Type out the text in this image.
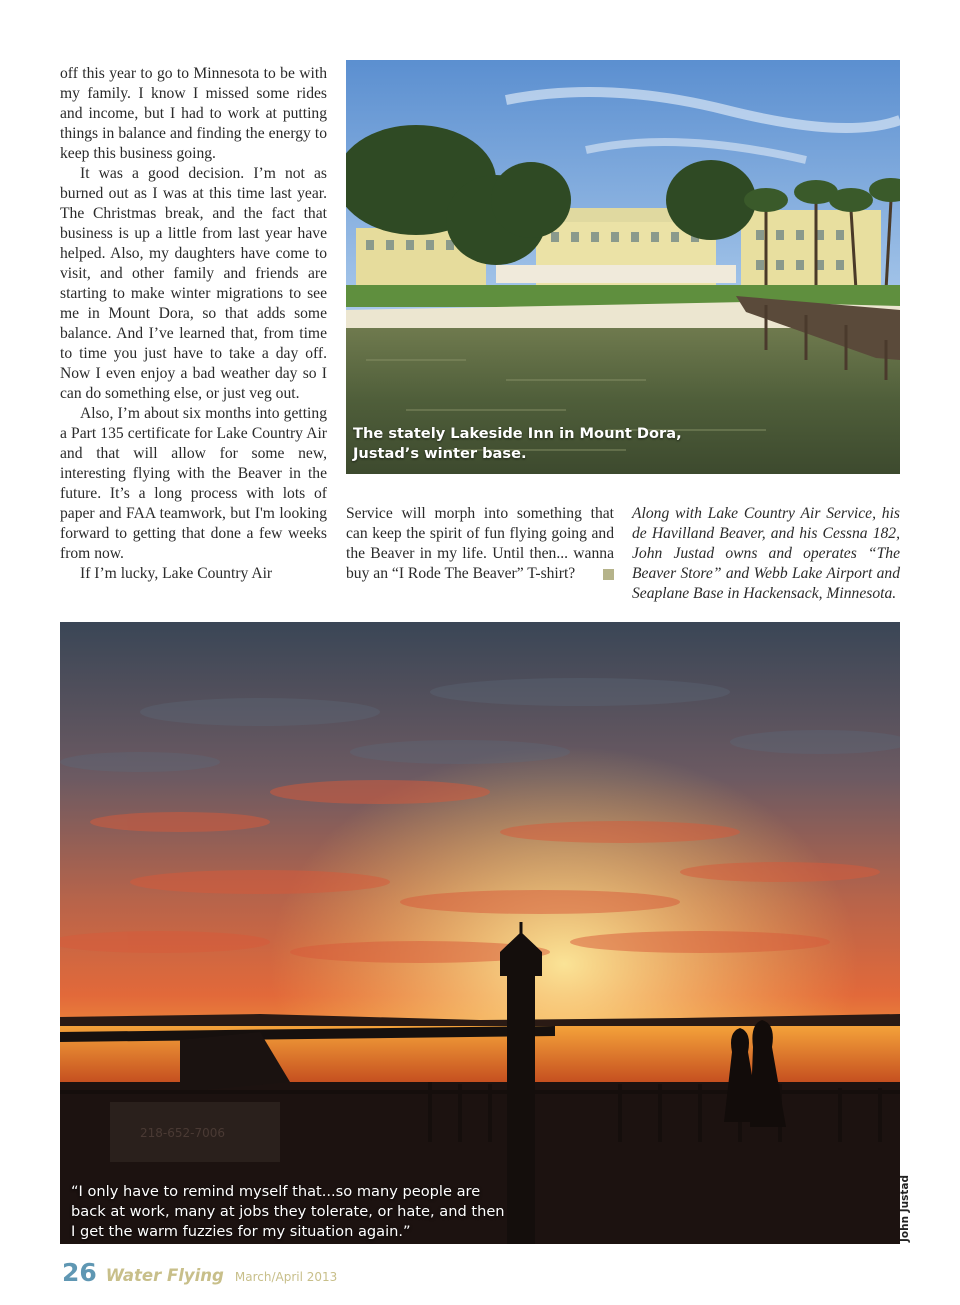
off this year to go to Minnesota to be with my family. I know I missed some rides and income, but I had to work at putting things in balance and finding the energy to keep this business going.

It was a good decision. I’m not as burned out as I was at this time last year. The Christmas break, and the fact that business is up a little from last year have helped. Also, my daughters have come to visit, and other family and friends are starting to make winter migrations to see me in Mount Dora, so that adds some balance. And I’ve learned that, from time to time you just have to take a day off. Now I even enjoy a bad weather day so I can do something else, or just veg out.

Also, I’m about six months into getting a Part 135 certificate for Lake Country Air and that will allow for some new, interesting flying with the Beaver in the future. It’s a long process with lots of paper and FAA teamwork, but I'm looking forward to getting that done a few weeks from now.

If I’m lucky, Lake Country Air

The stately Lakeside Inn in Mount Dora, Justad’s winter base.

Service will morph into something that can keep the spirit of fun flying going and the Beaver in my life. Until then... wanna buy an “I Rode The Beaver” T-shirt?

Along with Lake Country Air Service, his de Havilland Beaver, and his Cessna 182, John Justad owns and operates “The Beaver Store” and Webb Lake Airport and Seaplane Base in Hackensack, Minnesota.

218-652-7006
“I only have to remind myself that...so many people are back at work, many at jobs they tolerate, or hate, and then I get the warm fuzzies for my situation again.”	John Justad
26 Water Flying March/April 2013
